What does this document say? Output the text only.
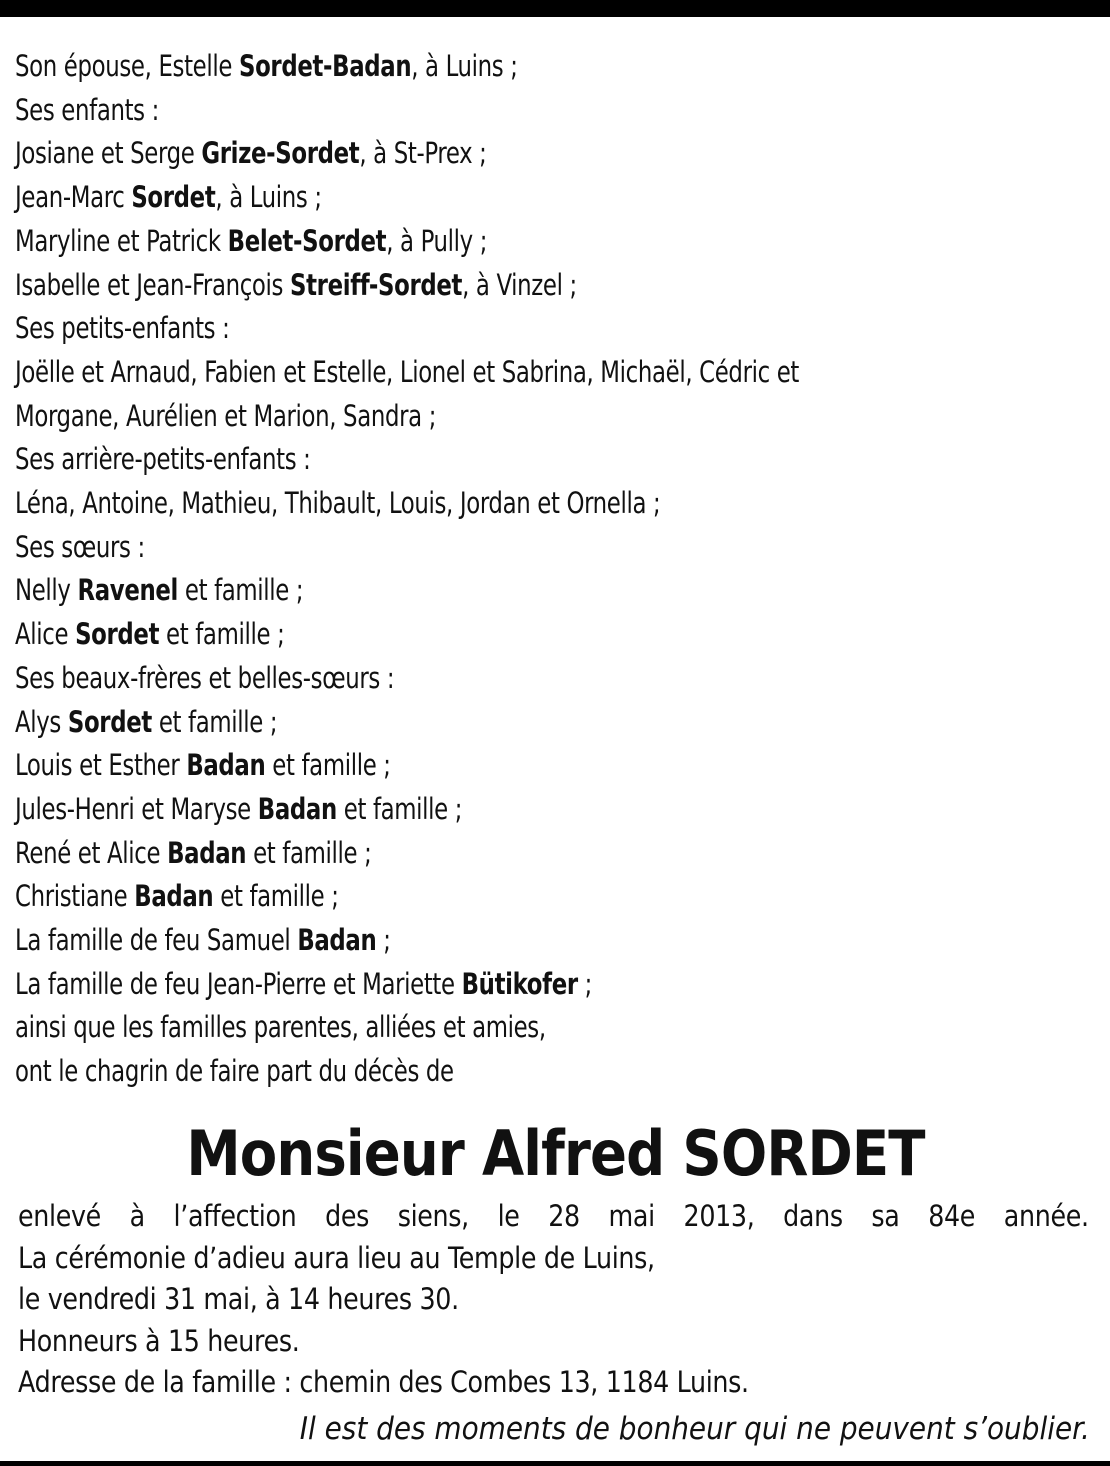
Son épouse, Estelle Sordet-Badan, à Luins ;
Ses enfants :
Josiane et Serge Grize-Sordet, à St-Prex ;
Jean-Marc Sordet, à Luins ;
Maryline et Patrick Belet-Sordet, à Pully ;
Isabelle et Jean-François Streiff-Sordet, à Vinzel ;
Ses petits-enfants :
Joëlle et Arnaud, Fabien et Estelle, Lionel et Sabrina, Michaël, Cédric et
Morgane, Aurélien et Marion, Sandra ;
Ses arrière-petits-enfants :
Léna, Antoine, Mathieu, Thibault, Louis, Jordan et Ornella ;
Ses sœurs :
Nelly Ravenel et famille ;
Alice Sordet et famille ;
Ses beaux-frères et belles-sœurs :
Alys Sordet et famille ;
Louis et Esther Badan et famille ;
Jules-Henri et Maryse Badan et famille ;
René et Alice Badan et famille ;
Christiane Badan et famille ;
La famille de feu Samuel Badan ;
La famille de feu Jean-Pierre et Mariette Bütikofer ;
ainsi que les familles parentes, alliées et amies,
ont le chagrin de faire part du décès de
Monsieur Alfred SORDET
enlevé à l’affection des siens, le 28 mai 2013, dans sa 84e année.
La cérémonie d’adieu aura lieu au Temple de Luins,
le vendredi 31 mai, à 14 heures 30.
Honneurs à 15 heures.
Adresse de la famille : chemin des Combes 13, 1184 Luins.
Il est des moments de bonheur qui ne peuvent s’oublier.
